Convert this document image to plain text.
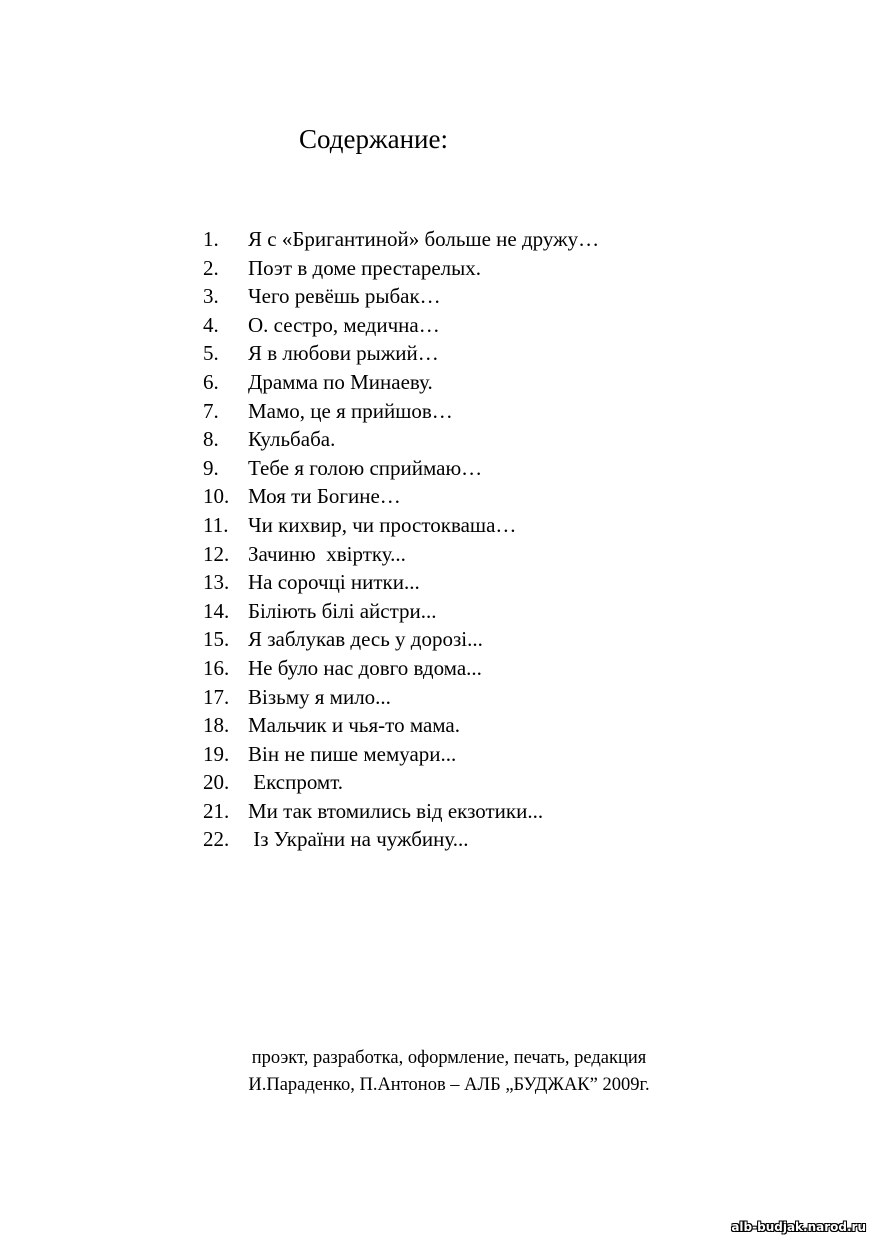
Содержание:
1. Я с «Бригантиной» больше не дружу…
2. Поэт в доме престарелых.
3. Чего ревёшь рыбак…
4. О. сестро, медична…
5. Я в любови рыжий…
6. Драмма по Минаеву.
7. Мамо, це я прийшов…
8. Кульбаба.
9. Тебе я голою сприймаю…
10. Моя ти Богине…
11. Чи кихвир, чи простокваша…
12. Зачиню  хвіртку...
13. На сорочці нитки...
14. Біліють білі айстри...
15. Я заблукав десь у дорозі...
16. Не було нас довго вдома...
17. Візьму я мило...
18. Мальчик и чья-то мама.
19. Він не пише мемуари...
20. Експромт.
21. Ми так втомились від екзотики...
22. Із України на чужбину...
проэкт, разработка, оформление, печать, редакция
И.Параденко, П.Антонов – АЛБ „БУДЖАК” 2009г.
alb-budjak.narod.ru
